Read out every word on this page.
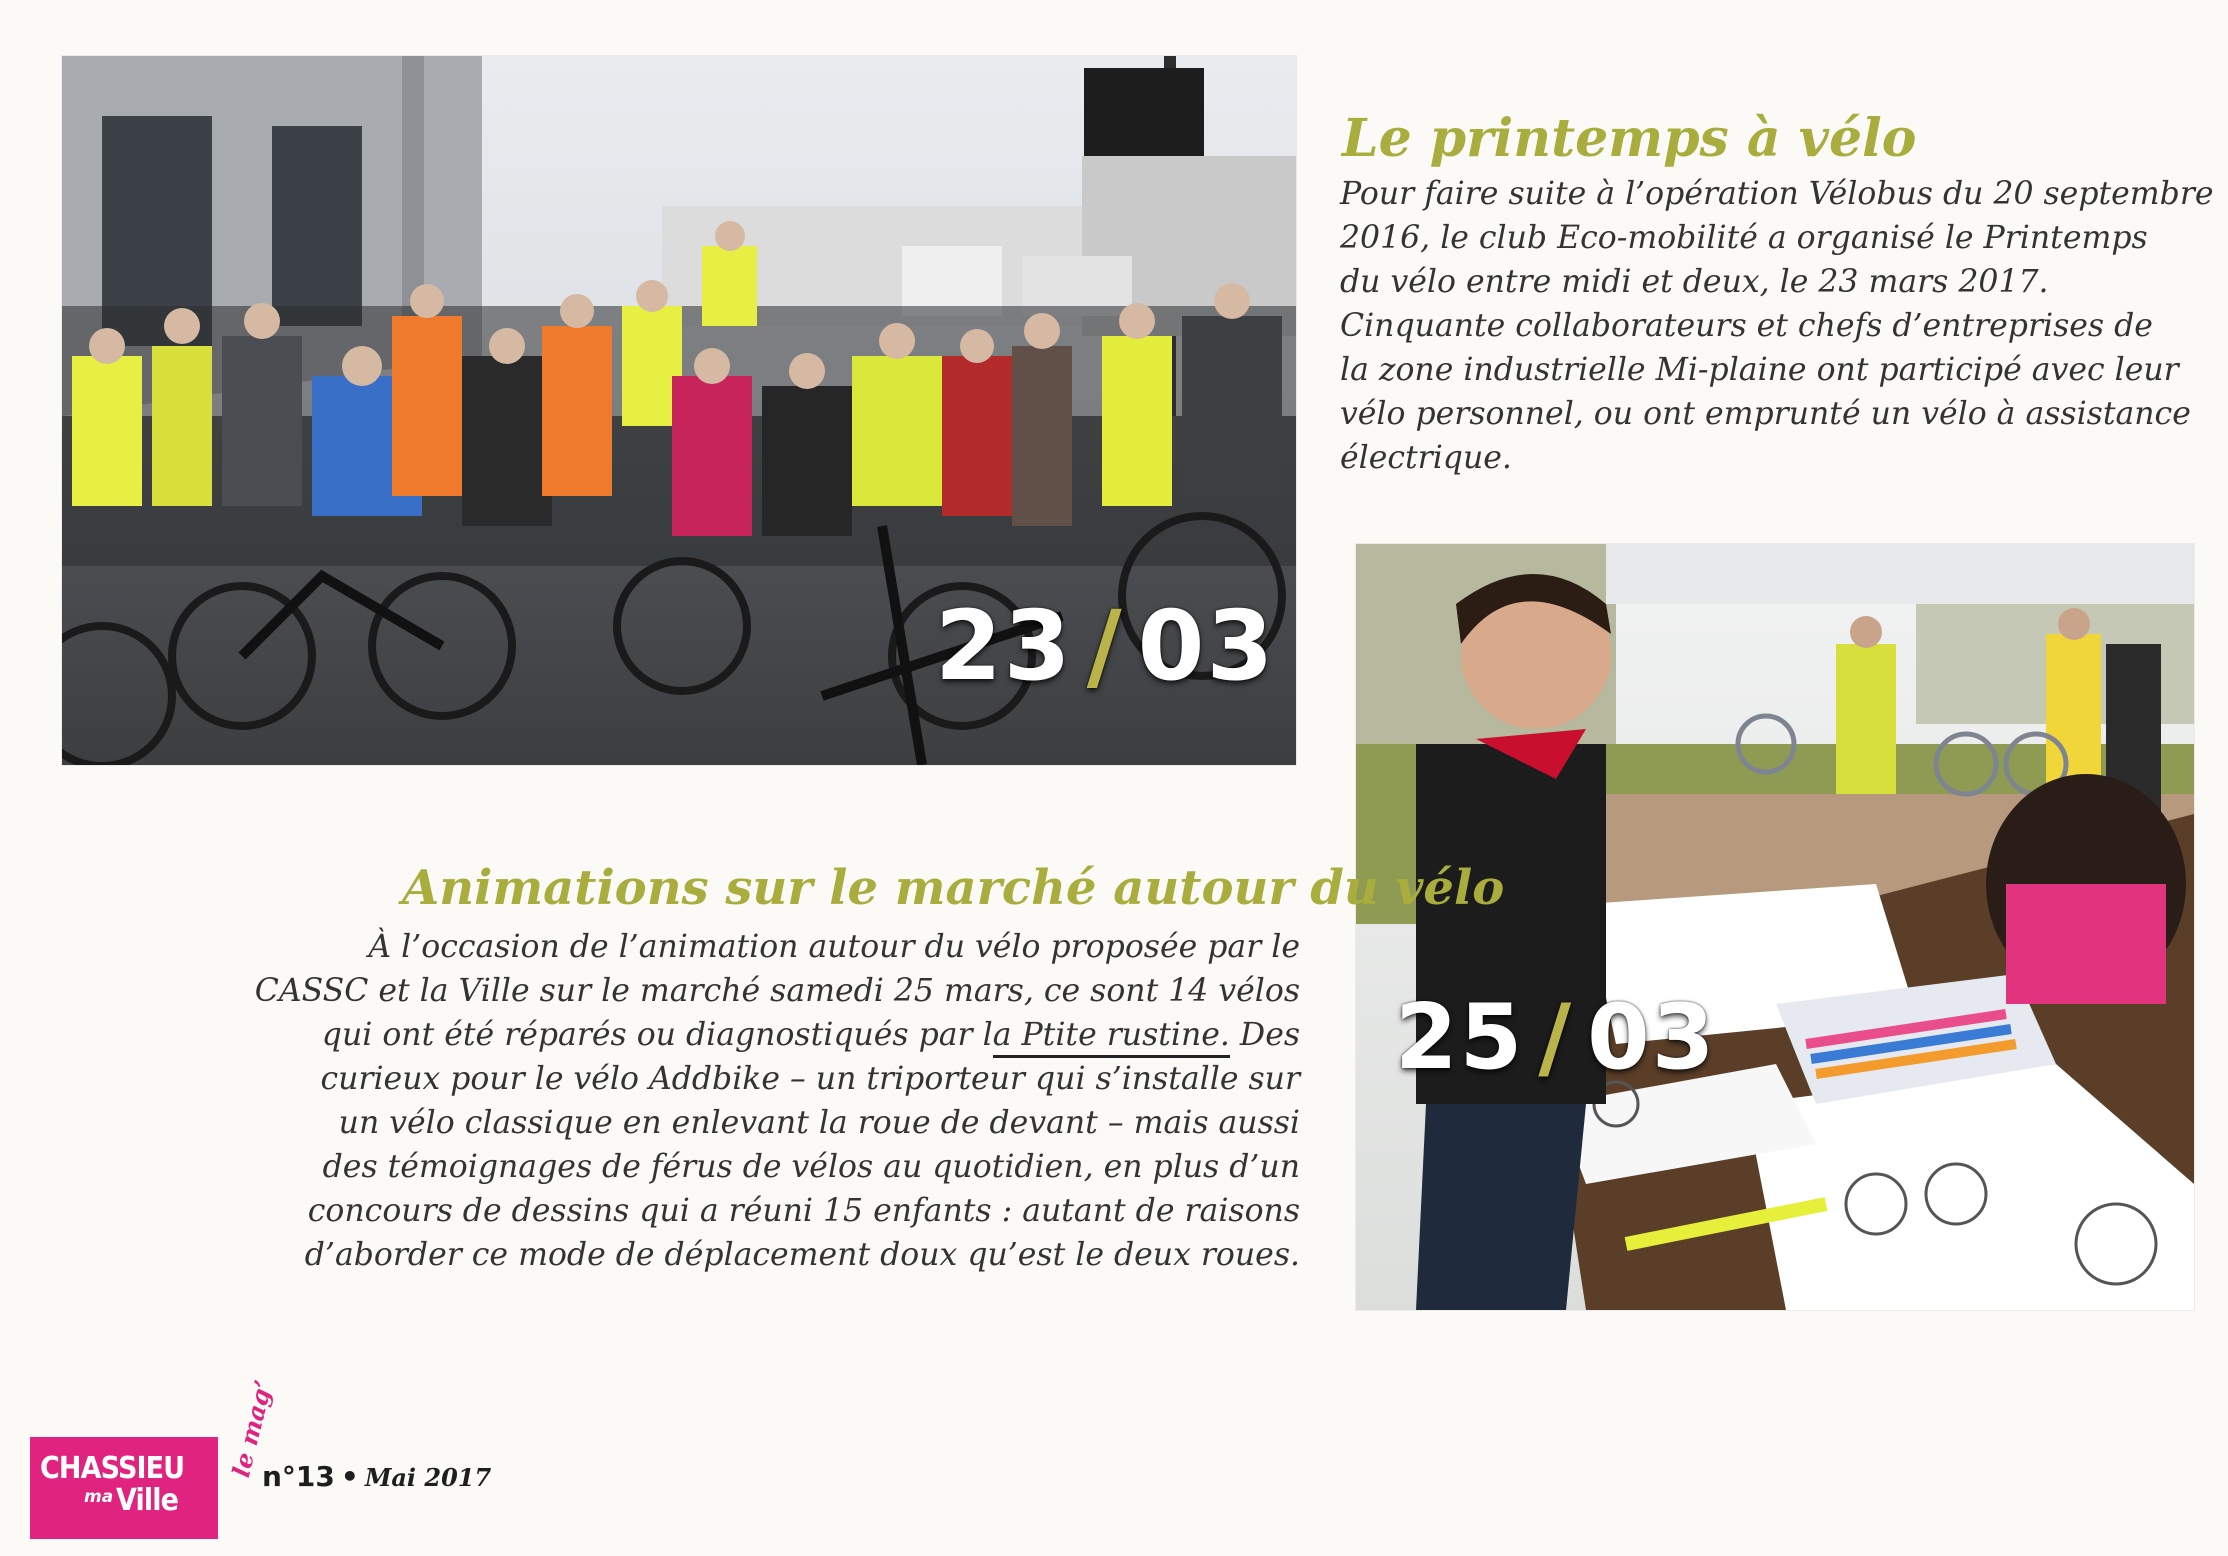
23 / 03
25 / 03
Le printemps à vélo
Pour faire suite à l’opération Vélobus du 20 septembre
2016, le club Eco-mobilité a organisé le Printemps
du vélo entre midi et deux, le 23 mars 2017.
Cinquante collaborateurs et chefs d’entreprises de
la zone industrielle Mi-plaine ont participé avec leur
vélo personnel, ou ont emprunté un vélo à assistance
électrique.
Animations sur le marché autour du vélo
À l’occasion de l’animation autour du vélo proposée par le
CASSC et la Ville sur le marché samedi 25 mars, ce sont 14 vélos
qui ont été réparés ou diagnostiqués par la Ptite rustine. Des
curieux pour le vélo Addbike – un triporteur qui s’installe sur
un vélo classique en enlevant la roue de devant – mais aussi
des témoignages de férus de vélos au quotidien, en plus d’un
concours de dessins qui a réuni 15 enfants : autant de raisons
d’aborder ce mode de déplacement doux qu’est le deux roues.
CHASSIEU
ma Ville
le mag’
n°13 • Mai 2017
